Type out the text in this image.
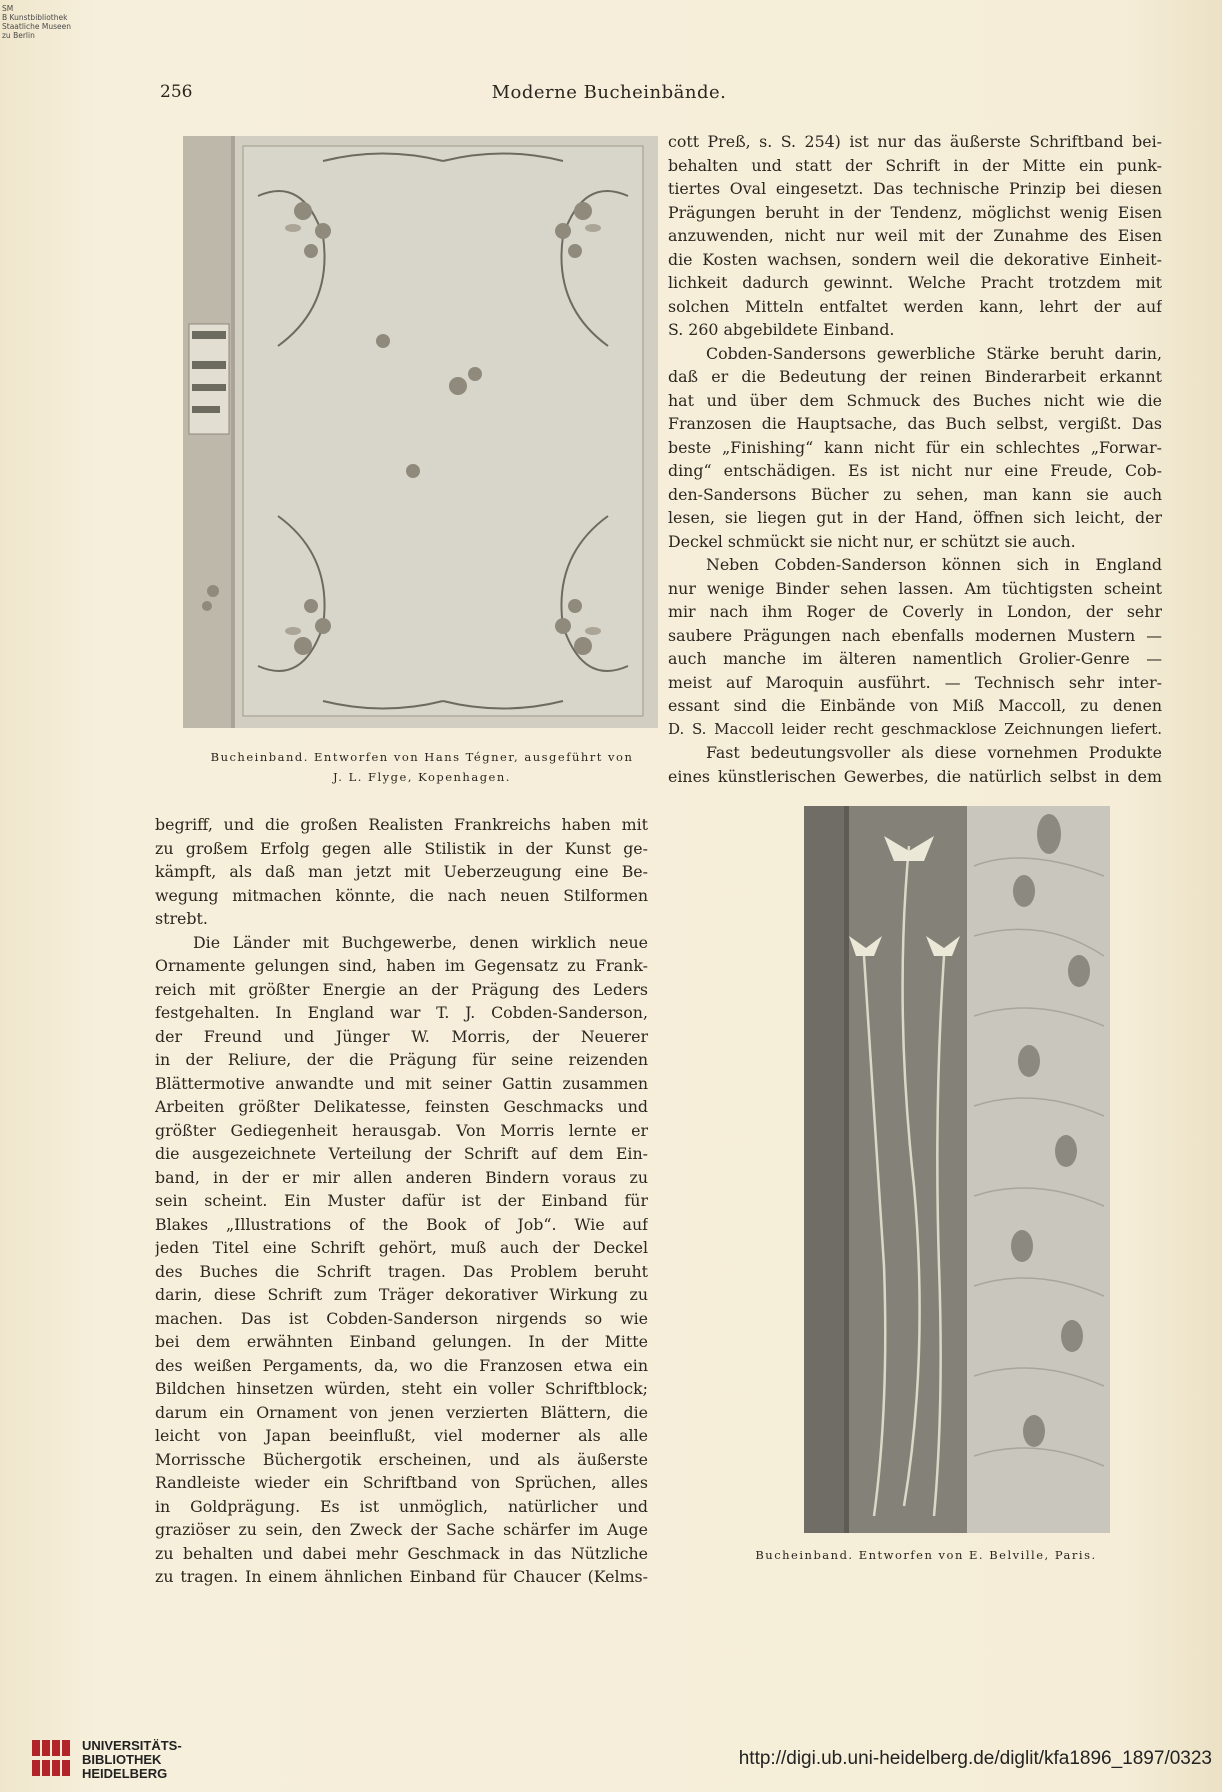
SM
B Kunstbibliothek
Staatliche Museen
zu Berlin
256	Moderne Bucheinbände.
Bucheinband. Entworfen von Hans Tégner, ausgeführt von
J. L. Flyge, Kopenhagen.
Bucheinband. Entworfen von E. Belville, Paris.
cott Preß, s. S. 254) ist nur das äußerste Schriftband bei-
behalten und statt der Schrift in der Mitte ein punk-
tiertes Oval eingesetzt. Das technische Prinzip bei diesen
Prägungen beruht in der Tendenz, möglichst wenig Eisen
anzuwenden, nicht nur weil mit der Zunahme des Eisen
die Kosten wachsen, sondern weil die dekorative Einheit-
lichkeit dadurch gewinnt. Welche Pracht trotzdem mit
solchen Mitteln entfaltet werden kann, lehrt der auf
S. 260 abgebildete Einband.
Cobden-Sandersons gewerbliche Stärke beruht darin,
daß er die Bedeutung der reinen Binderarbeit erkannt
hat und über dem Schmuck des Buches nicht wie die
Franzosen die Hauptsache, das Buch selbst, vergißt. Das
beste „Finishing“ kann nicht für ein schlechtes „Forwar-
ding“ entschädigen. Es ist nicht nur eine Freude, Cob-
den-Sandersons Bücher zu sehen, man kann sie auch
lesen, sie liegen gut in der Hand, öffnen sich leicht, der
Deckel schmückt sie nicht nur, er schützt sie auch.
Neben Cobden-Sanderson können sich in England
nur wenige Binder sehen lassen. Am tüchtigsten scheint
mir nach ihm Roger de Coverly in London, der sehr
saubere Prägungen nach ebenfalls modernen Mustern —
auch manche im älteren namentlich Grolier-Genre —
meist auf Maroquin ausführt. — Technisch sehr inter-
essant sind die Einbände von Miß Maccoll, zu denen
D. S. Maccoll leider recht geschmacklose Zeichnungen liefert.
Fast bedeutungsvoller als diese vornehmen Produkte
eines künstlerischen Gewerbes, die natürlich selbst in dem
begriff, und die großen Realisten Frankreichs haben mit
zu großem Erfolg gegen alle Stilistik in der Kunst ge-
kämpft, als daß man jetzt mit Ueberzeugung eine Be-
wegung mitmachen könnte, die nach neuen Stilformen
strebt.
Die Länder mit Buchgewerbe, denen wirklich neue
Ornamente gelungen sind, haben im Gegensatz zu Frank-
reich mit größter Energie an der Prägung des Leders
festgehalten. In England war T. J. Cobden-Sanderson,
der Freund und Jünger W. Morris, der Neuerer
in der Reliure, der die Prägung für seine reizenden
Blättermotive anwandte und mit seiner Gattin zusammen
Arbeiten größter Delikatesse, feinsten Geschmacks und
größter Gediegenheit herausgab. Von Morris lernte er
die ausgezeichnete Verteilung der Schrift auf dem Ein-
band, in der er mir allen anderen Bindern voraus zu
sein scheint. Ein Muster dafür ist der Einband für
Blakes „Illustrations of the Book of Job“. Wie auf
jeden Titel eine Schrift gehört, muß auch der Deckel
des Buches die Schrift tragen. Das Problem beruht
darin, diese Schrift zum Träger dekorativer Wirkung zu
machen. Das ist Cobden-Sanderson nirgends so wie
bei dem erwähnten Einband gelungen. In der Mitte
des weißen Pergaments, da, wo die Franzosen etwa ein
Bildchen hinsetzen würden, steht ein voller Schriftblock;
darum ein Ornament von jenen verzierten Blättern, die
leicht von Japan beeinflußt, viel moderner als alle
Morrissche Büchergotik erscheinen, und als äußerste
Randleiste wieder ein Schriftband von Sprüchen, alles
in Goldprägung. Es ist unmöglich, natürlicher und
graziöser zu sein, den Zweck der Sache schärfer im Auge
zu behalten und dabei mehr Geschmack in das Nützliche
zu tragen. In einem ähnlichen Einband für Chaucer (Kelms-
UNIVERSITÄTS-
BIBLIOTHEK
HEIDELBERG
http://digi.ub.uni-heidelberg.de/diglit/kfa1896_1897/0323
